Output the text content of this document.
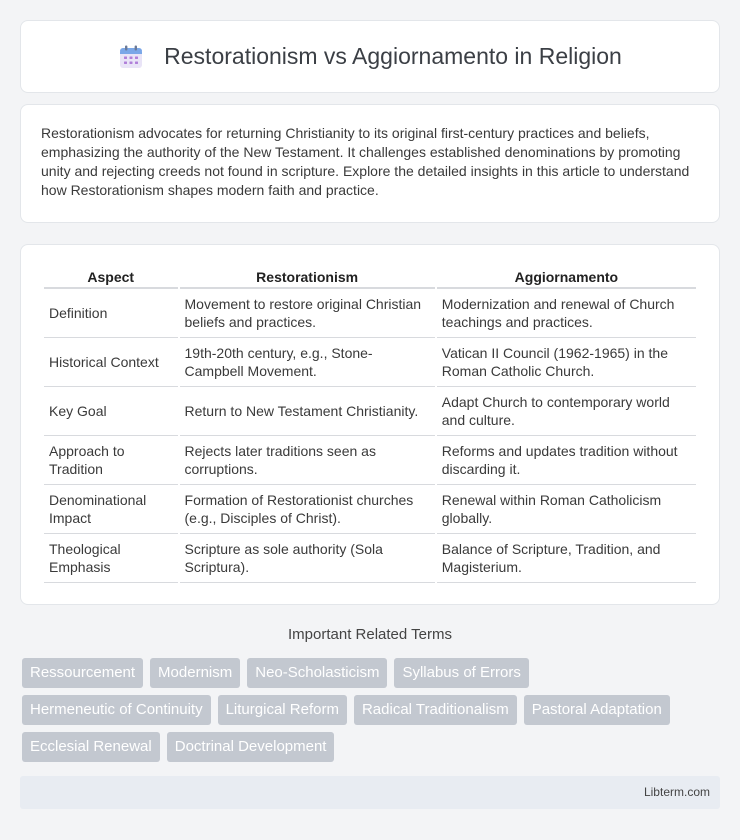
Restorationism vs Aggiornamento in Religion

Restorationism advocates for returning Christianity to its original first-century practices and beliefs, emphasizing the authority of the New Testament. It challenges established denominations by promoting unity and rejecting creeds not found in scripture. Explore the detailed insights in this article to understand how Restorationism shapes modern faith and practice.

Aspect	Restorationism	Aggiornamento
Definition	Movement to restore original Christian beliefs and practices.	Modernization and renewal of Church teachings and practices.
Historical Context	19th-20th century, e.g., Stone-Campbell Movement.	Vatican II Council (1962-1965) in the Roman Catholic Church.
Key Goal	Return to New Testament Christianity.	Adapt Church to contemporary world and culture.
Approach to Tradition	Rejects later traditions seen as corruptions.	Reforms and updates tradition without discarding it.
Denominational Impact	Formation of Restorationist churches (e.g., Disciples of Christ).	Renewal within Roman Catholicism globally.
Theological Emphasis	Scripture as sole authority (Sola Scriptura).	Balance of Scripture, Tradition, and Magisterium.
Important Related Terms
Ressourcement	Modernism	Neo-Scholasticism	Syllabus of Errors
Hermeneutic of Continuity	Liturgical Reform	Radical Traditionalism	Pastoral Adaptation
Ecclesial Renewal	Doctrinal Development
Libterm.com
